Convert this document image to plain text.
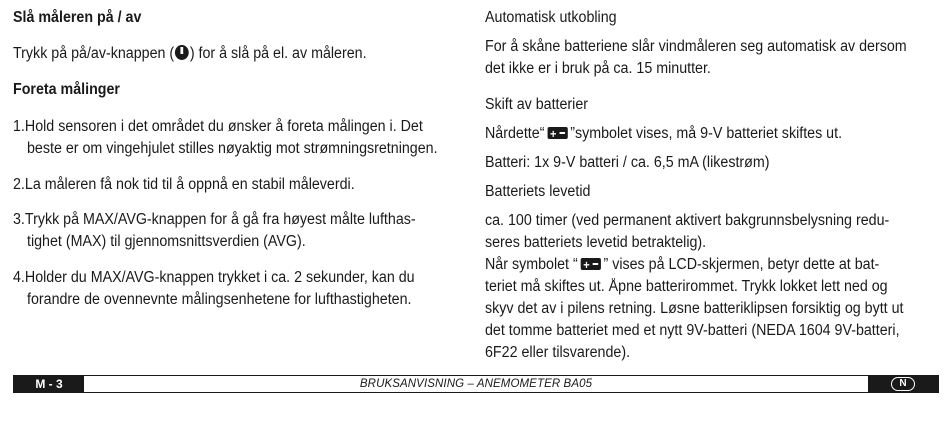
Slå måleren på / av
Trykk på på/av-knappen ( ) for å slå på el. av måleren.
Foreta målinger
1.Hold sensoren i det området du ønsker å foreta målingen i. Det
beste er om vingehjulet stilles nøyaktig mot strømningsretningen.
2.La måleren få nok tid til å oppnå en stabil måleverdi.
3.Trykk på MAX/AVG-knappen for å gå fra høyest målte lufthas-
tighet (MAX) til gjennomsnittsverdien (AVG).
4.Holder du MAX/AVG-knappen trykket i ca. 2 sekunder, kan du
forandre de ovennevnte målingsenhetene for lufthastigheten.
Automatisk utkobling
For å skåne batteriene slår vindmåleren seg automatisk av dersom
det ikke er i bruk på ca. 15 minutter.
Skift av batterier
Nårdette“ + ”symbolet vises, må 9-V batteriet skiftes ut.
Batteri: 1x 9-V batteri / ca. 6,5 mA (likestrøm)
Batteriets levetid
ca. 100 timer (ved permanent aktivert bakgrunnsbelysning redu-
seres batteriets levetid betraktelig).
Når symbolet “ + ” vises på LCD-skjermen, betyr dette at bat-
teriet må skiftes ut. Åpne batterirommet. Trykk lokket lett ned og
skyv det av i pilens retning. Løsne batteriklipsen forsiktig og bytt ut
det tomme batteriet med et nytt 9V-batteri (NEDA 1604 9V-batteri,
6F22 eller tilsvarende).
M - 3	BRUKSANVISNING – ANEMOMETER BA05	N
